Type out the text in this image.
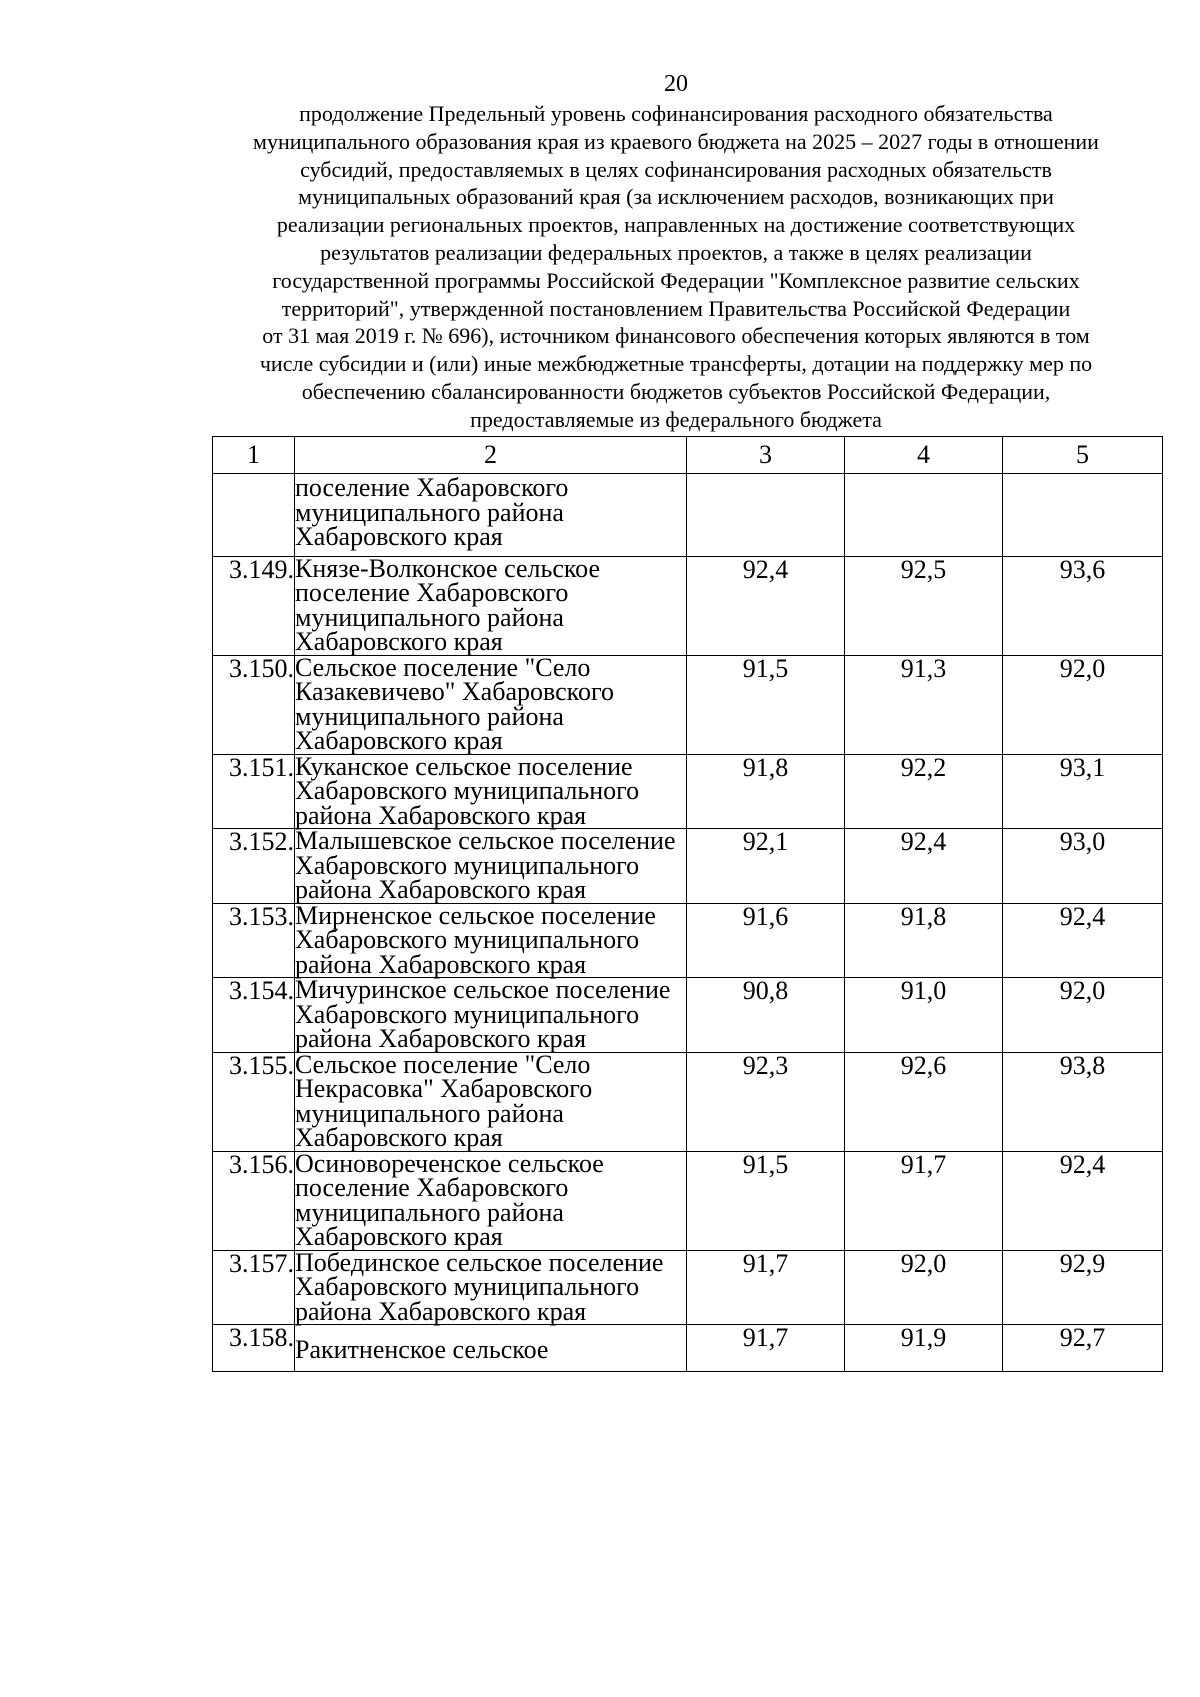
20
продолжение Предельный уровень софинансирования расходного обязательства
муниципального образования края из краевого бюджета на 2025 – 2027 годы в отношении
субсидий, предоставляемых в целях софинансирования расходных обязательств
муниципальных образований края (за исключением расходов, возникающих при
реализации региональных проектов, направленных на достижение соответствующих
результатов реализации федеральных проектов, а также в целях реализации
государственной программы Российской Федерации "Комплексное развитие сельских
территорий", утвержденной постановлением Правительства Российской Федерации
от 31 мая 2019 г. № 696), источником финансового обеспечения которых являются в том
числе субсидии и (или) иные межбюджетные трансферты, дотации на поддержку мер по
обеспечению сбалансированности бюджетов субъектов Российской Федерации,
предоставляемые из федерального бюджета
1	2	3	4	5
	поселение Хабаровского муниципального района Хабаровского края			
3.149.	Князе-Волконское сельское поселение Хабаровского муниципального района Хабаровского края	92,4	92,5	93,6
3.150.	Сельское поселение "Село Казакевичево" Хабаровского муниципального района Хабаровского края	91,5	91,3	92,0
3.151.	Куканское сельское поселение Хабаровского муниципального района Хабаровского края	91,8	92,2	93,1
3.152.	Малышевское сельское поселение Хабаровского муниципального района Хабаровского края	92,1	92,4	93,0
3.153.	Мирненское сельское поселение Хабаровского муниципального района Хабаровского края	91,6	91,8	92,4
3.154.	Мичуринское сельское поселение Хабаровского муниципального района Хабаровского края	90,8	91,0	92,0
3.155.	Сельское поселение "Село Некрасовка" Хабаровского муниципального района Хабаровского края	92,3	92,6	93,8
3.156.	Осиновореченское сельское поселение Хабаровского муниципального района Хабаровского края	91,5	91,7	92,4
3.157.	Побединское сельское поселение Хабаровского муниципального района Хабаровского края	91,7	92,0	92,9
3.158.	Ракитненское сельское	91,7	91,9	92,7
